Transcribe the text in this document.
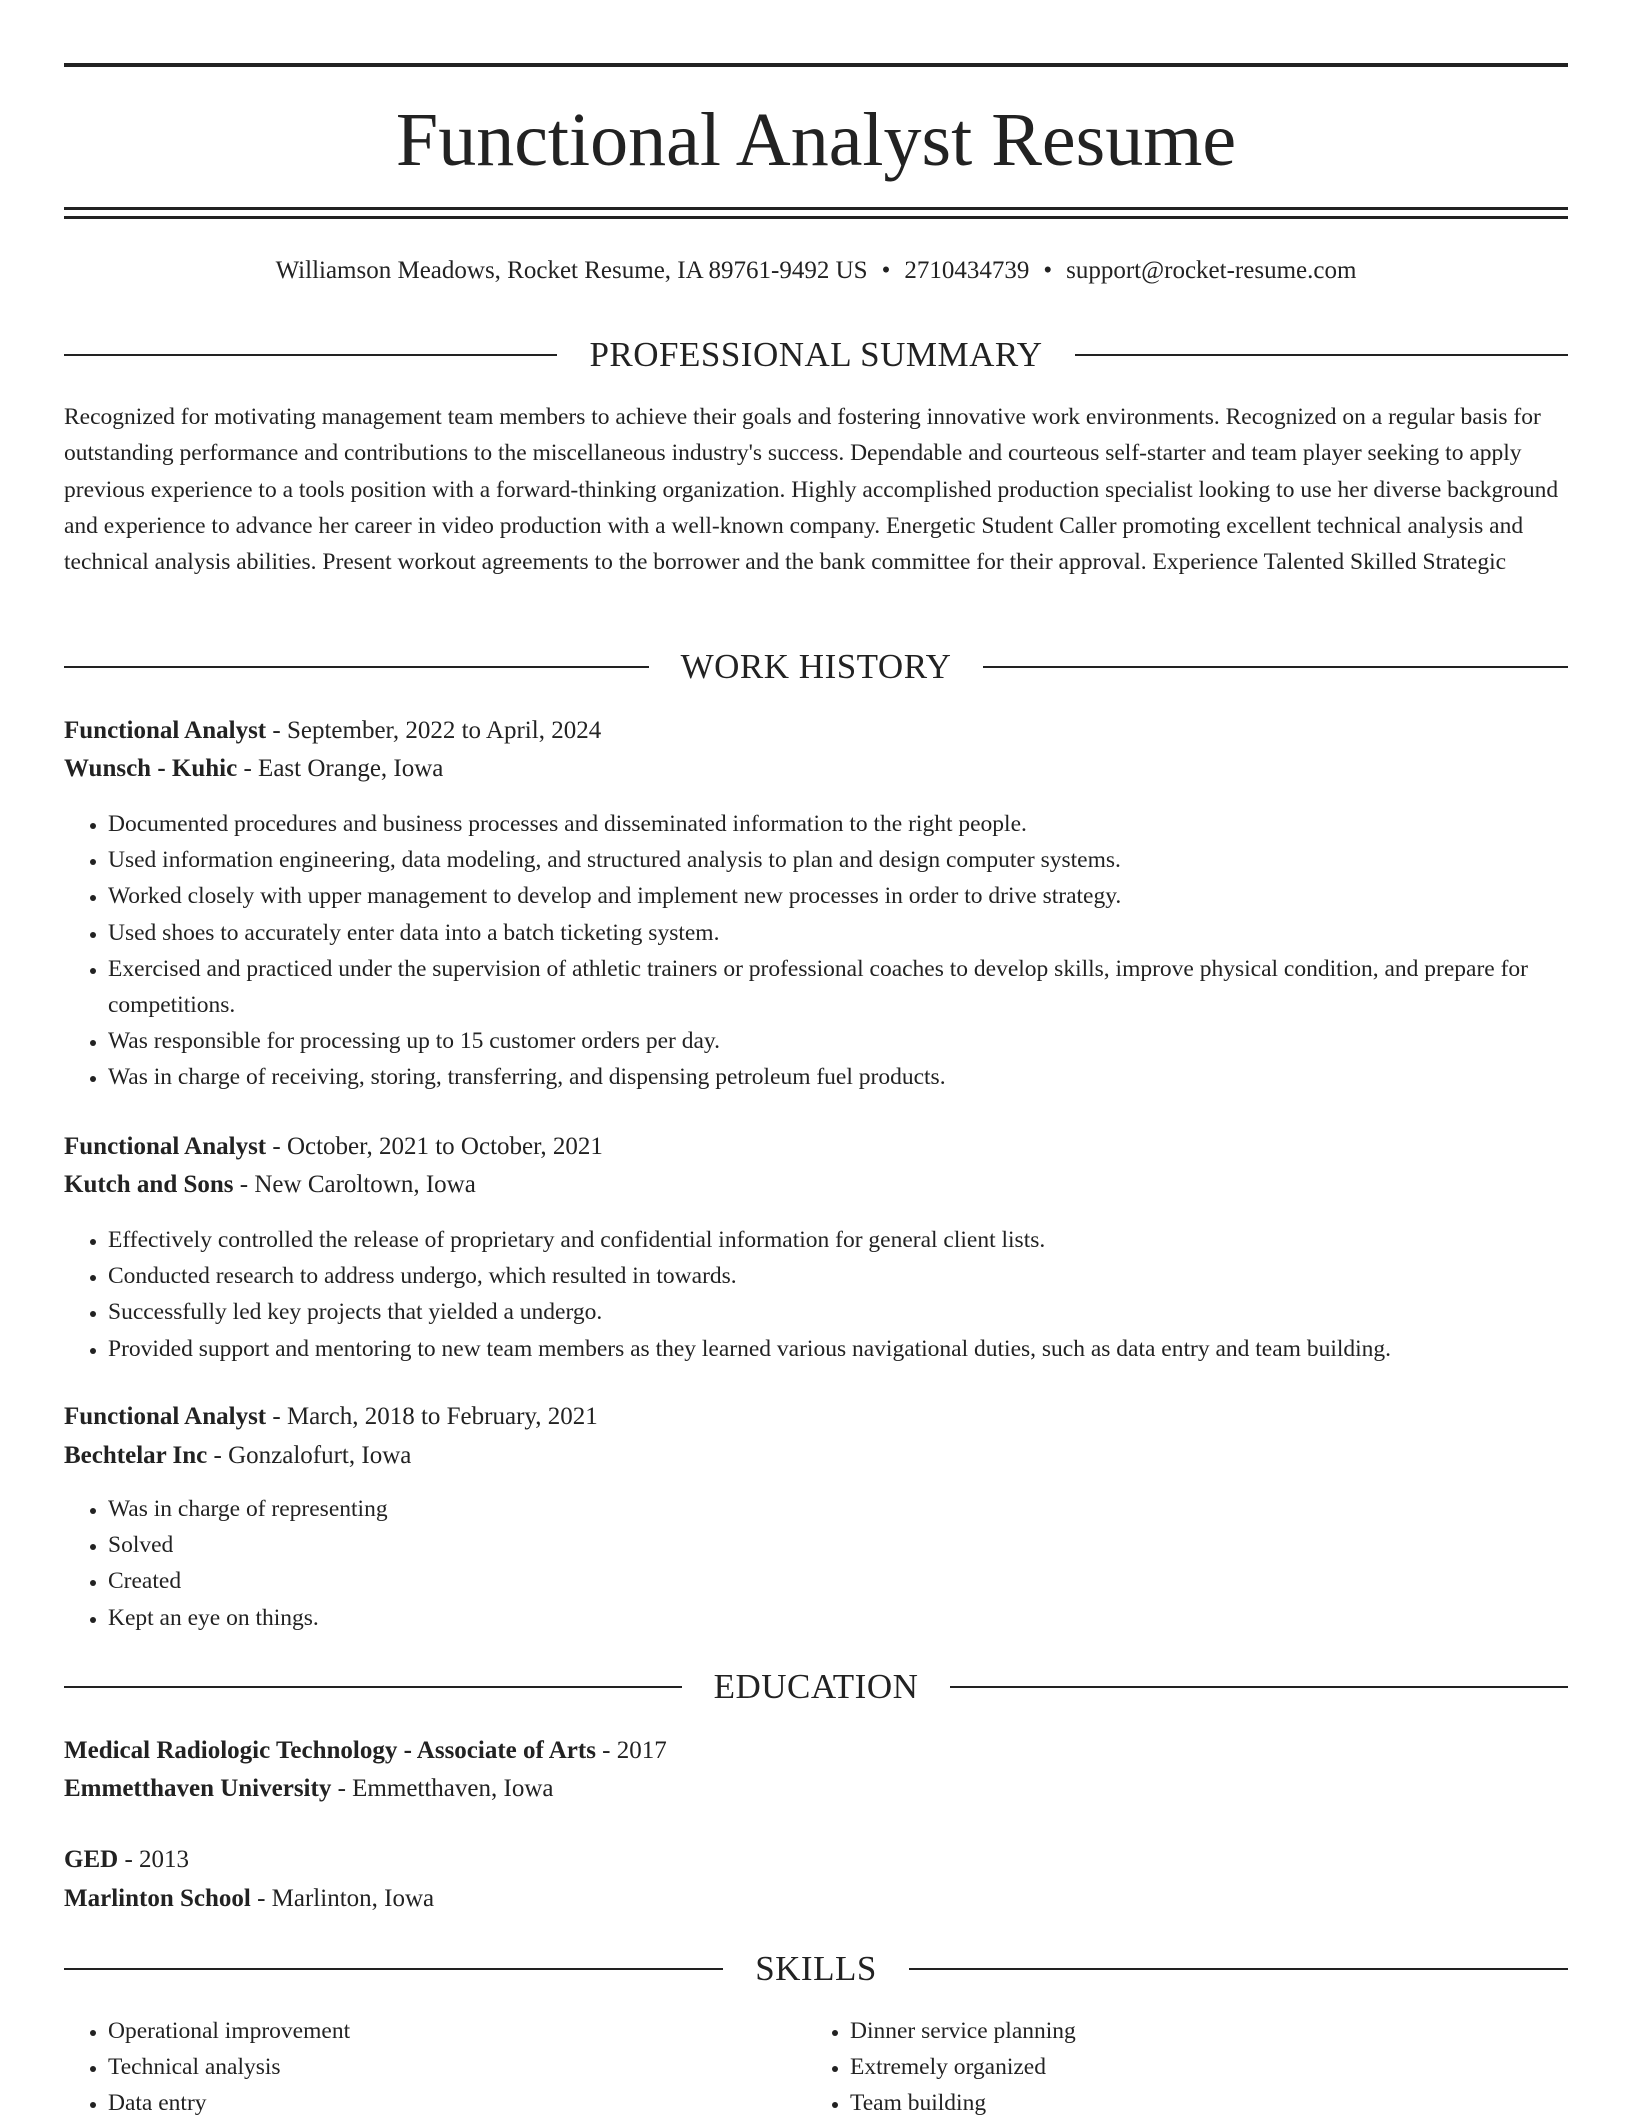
Functional Analyst Resume
Williamson Meadows, Rocket Resume, IA 89761-9492 US • 2710434739 • support@rocket-resume.com
PROFESSIONAL SUMMARY

Recognized for motivating management team members to achieve their goals and fostering innovative work environments. Recognized on a regular basis for outstanding performance and contributions to the miscellaneous industry's success. Dependable and courteous self-starter and team player seeking to apply previous experience to a tools position with a forward-thinking organization. Highly accomplished production specialist looking to use her diverse background and experience to advance her career in video production with a well-known company. Energetic Student Caller promoting excellent technical analysis and technical analysis abilities. Present workout agreements to the borrower and the bank committee for their approval. Experience Talented Skilled Strategic

WORK HISTORY
Functional Analyst - September, 2022 to April, 2024
Wunsch - Kuhic - East Orange, Iowa
• Documented procedures and business processes and disseminated information to the right people.
• Used information engineering, data modeling, and structured analysis to plan and design computer systems.
• Worked closely with upper management to develop and implement new processes in order to drive strategy.
• Used shoes to accurately enter data into a batch ticketing system.
• Exercised and practiced under the supervision of athletic trainers or professional coaches to develop skills, improve physical condition, and prepare for competitions.
• Was responsible for processing up to 15 customer orders per day.
• Was in charge of receiving, storing, transferring, and dispensing petroleum fuel products.
Functional Analyst - October, 2021 to October, 2021
Kutch and Sons - New Caroltown, Iowa
• Effectively controlled the release of proprietary and confidential information for general client lists.
• Conducted research to address undergo, which resulted in towards.
• Successfully led key projects that yielded a undergo.
• Provided support and mentoring to new team members as they learned various navigational duties, such as data entry and team building.
Functional Analyst - March, 2018 to February, 2021
Bechtelar Inc - Gonzalofurt, Iowa
• Was in charge of representing
• Solved
• Created
• Kept an eye on things.
EDUCATION
Medical Radiologic Technology - Associate of Arts - 2017
Emmetthaven University - Emmetthaven, Iowa
GED - 2013
Marlinton School - Marlinton, Iowa
SKILLS
• Operational improvement
• Technical analysis
• Data entry
• Dinner service planning
• Extremely organized
• Team building
